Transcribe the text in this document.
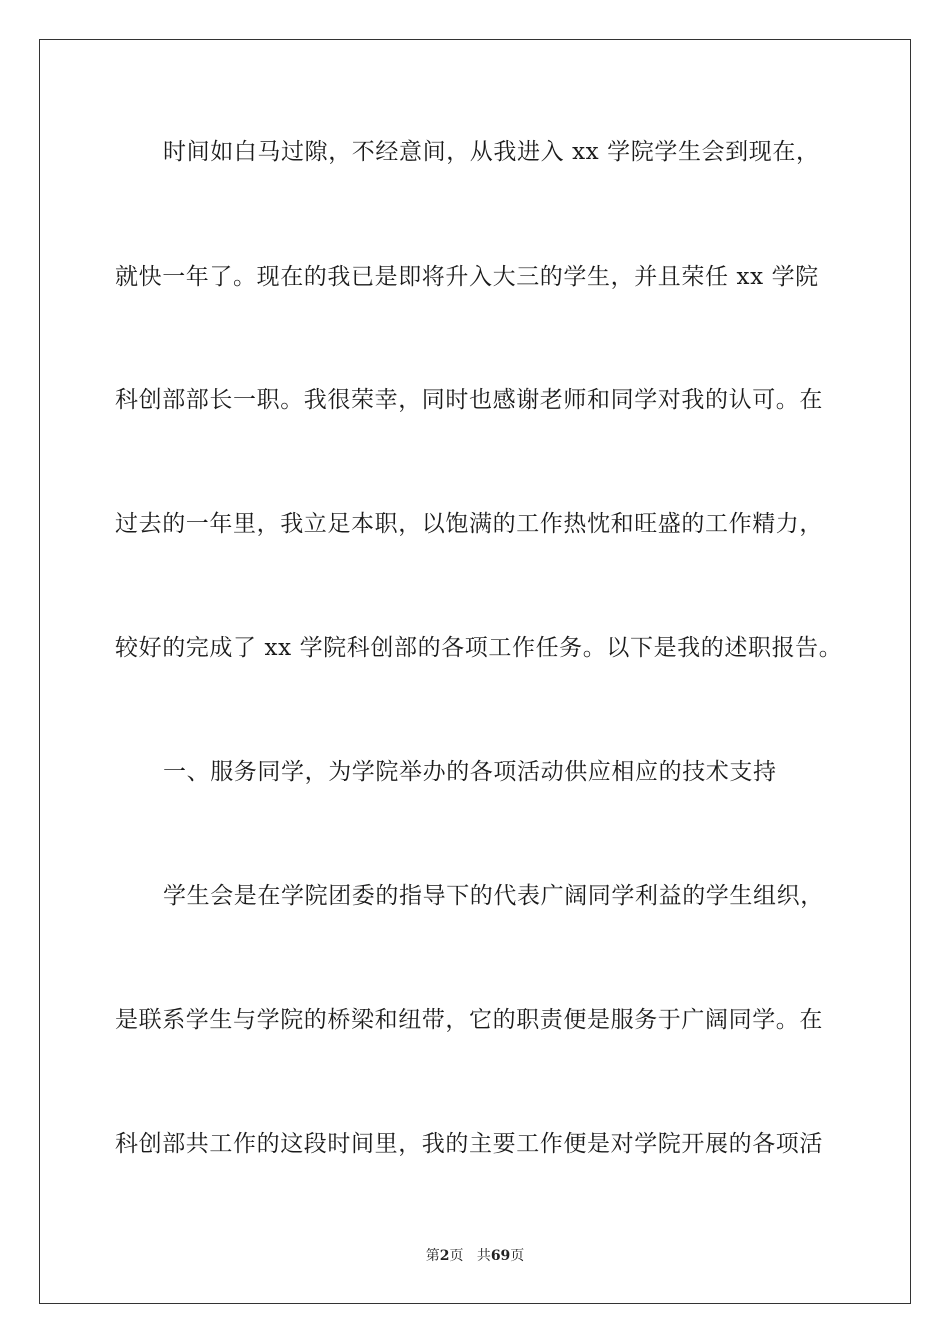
时间如白马过隙，不经意间，从我进入 xx 学院学生会到现在，
就快一年了。现在的我已是即将升入大三的学生，并且荣任 xx 学院
科创部部长一职。我很荣幸，同时也感谢老师和同学对我的认可。在
过去的一年里，我立足本职，以饱满的工作热忱和旺盛的工作精力，
较好的完成了 xx 学院科创部的各项工作任务。以下是我的述职报告。
一、服务同学，为学院举办的各项活动供应相应的技术支持
学生会是在学院团委的指导下的代表广阔同学利益的学生组织，
是联系学生与学院的桥梁和纽带，它的职责便是服务于广阔同学。在
科创部共工作的这段时间里，我的主要工作便是对学院开展的各项活
第2页 共69页
